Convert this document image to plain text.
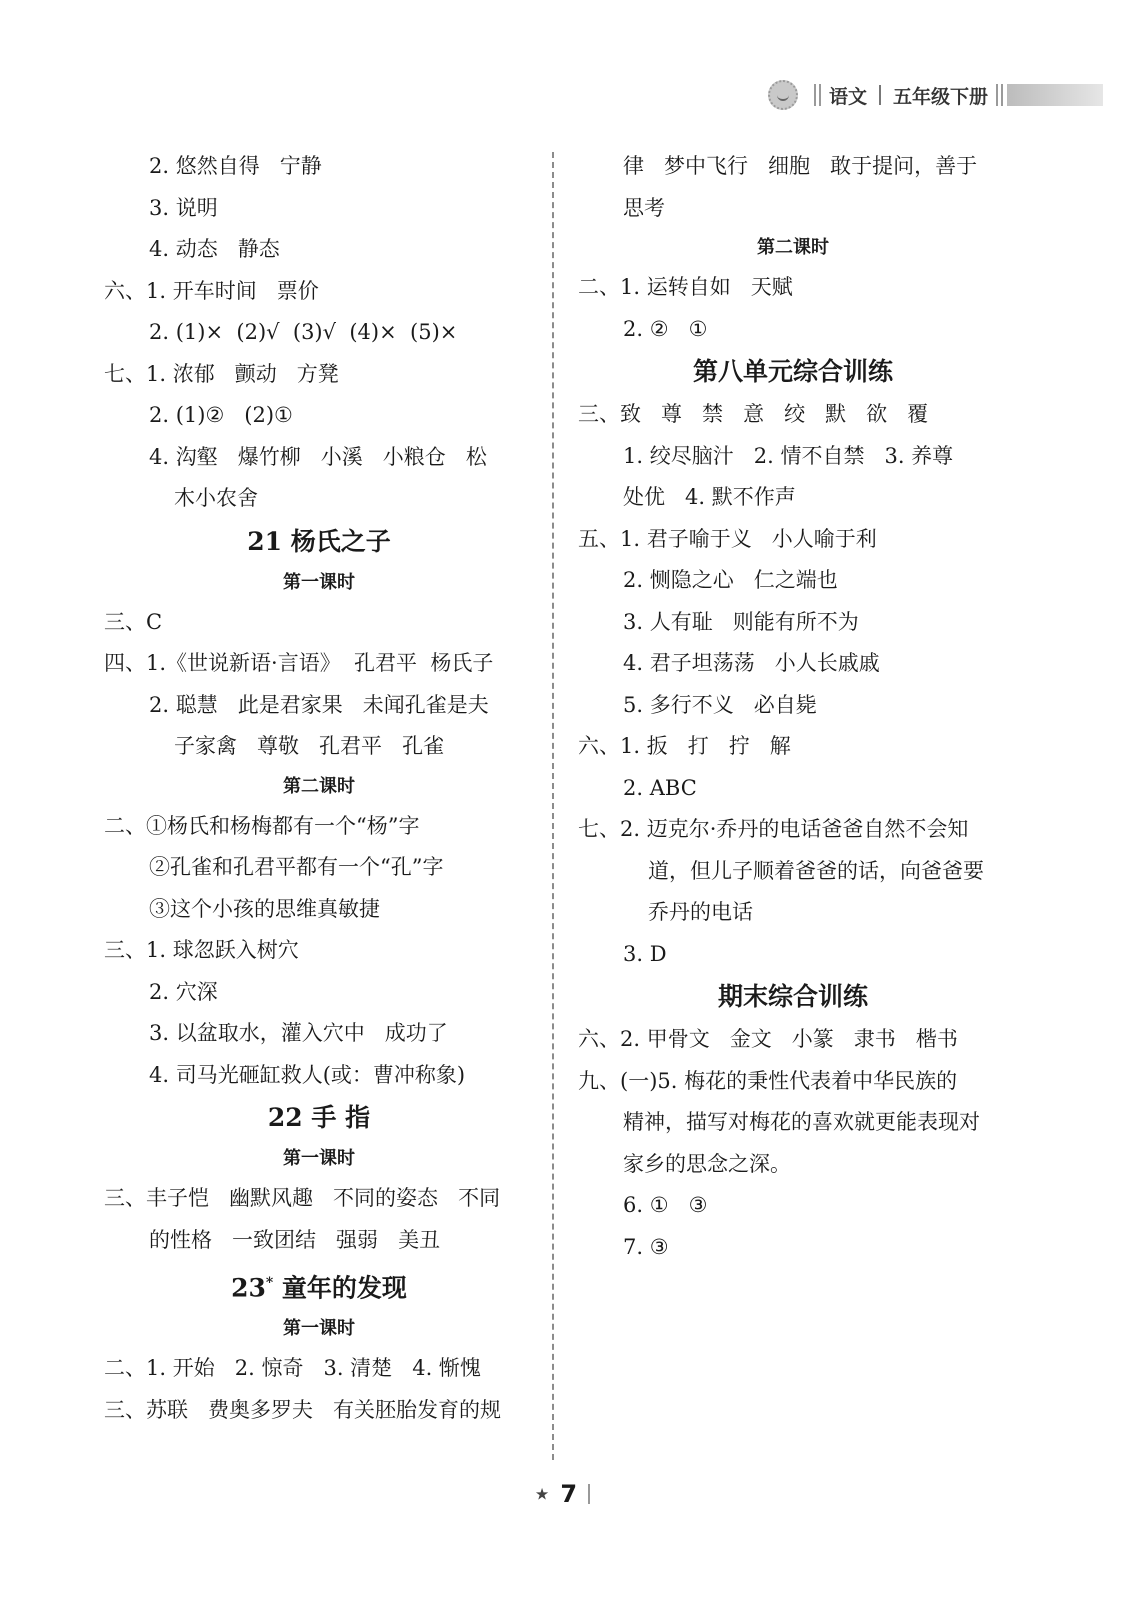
语文 五年级下册
2. 悠然自得   宁静
3. 说明
4. 动态   静态
六、1. 开车时间   票价
2. (1)×  (2)√  (3)√  (4)×  (5)×
七、1. 浓郁   颤动   方凳
2. (1)②   (2)①
4. 沟壑   爆竹柳   小溪   小粮仓   松
木小农舍
21 杨氏之子
第一课时
三、C
四、1.《世说新语·言语》  孔君平  杨氏子
2. 聪慧   此是君家果   未闻孔雀是夫
子家禽   尊敬   孔君平   孔雀
第二课时
二、①杨氏和杨梅都有一个“杨”字
②孔雀和孔君平都有一个“孔”字
③这个小孩的思维真敏捷
三、1. 球忽跃入树穴
2. 穴深
3. 以盆取水，灌入穴中   成功了
4. 司马光砸缸救人(或：曹冲称象)
22 手 指
第一课时
三、丰子恺   幽默风趣   不同的姿态   不同
的性格   一致团结   强弱   美丑
23* 童年的发现
第一课时
二、1. 开始   2. 惊奇   3. 清楚   4. 惭愧
三、苏联   费奥多罗夫   有关胚胎发育的规
律   梦中飞行   细胞   敢于提问，善于
思考
第二课时
二、1. 运转自如   天赋
2. ②   ①
第八单元综合训练
三、致   尊   禁   意   绞   默   欲   覆
1. 绞尽脑汁   2. 情不自禁   3. 养尊
处优   4. 默不作声
五、1. 君子喻于义   小人喻于利
2. 恻隐之心   仁之端也
3. 人有耻   则能有所不为
4. 君子坦荡荡   小人长戚戚
5. 多行不义   必自毙
六、1. 扳   打   拧   解
2. ABC
七、2. 迈克尔·乔丹的电话爸爸自然不会知
道，但儿子顺着爸爸的话，向爸爸要
乔丹的电话
3. D
期末综合训练
六、2. 甲骨文   金文   小篆   隶书   楷书
九、(一)5. 梅花的秉性代表着中华民族的
精神，描写对梅花的喜欢就更能表现对
家乡的思念之深。
6. ①   ③
7. ③
★ 7
